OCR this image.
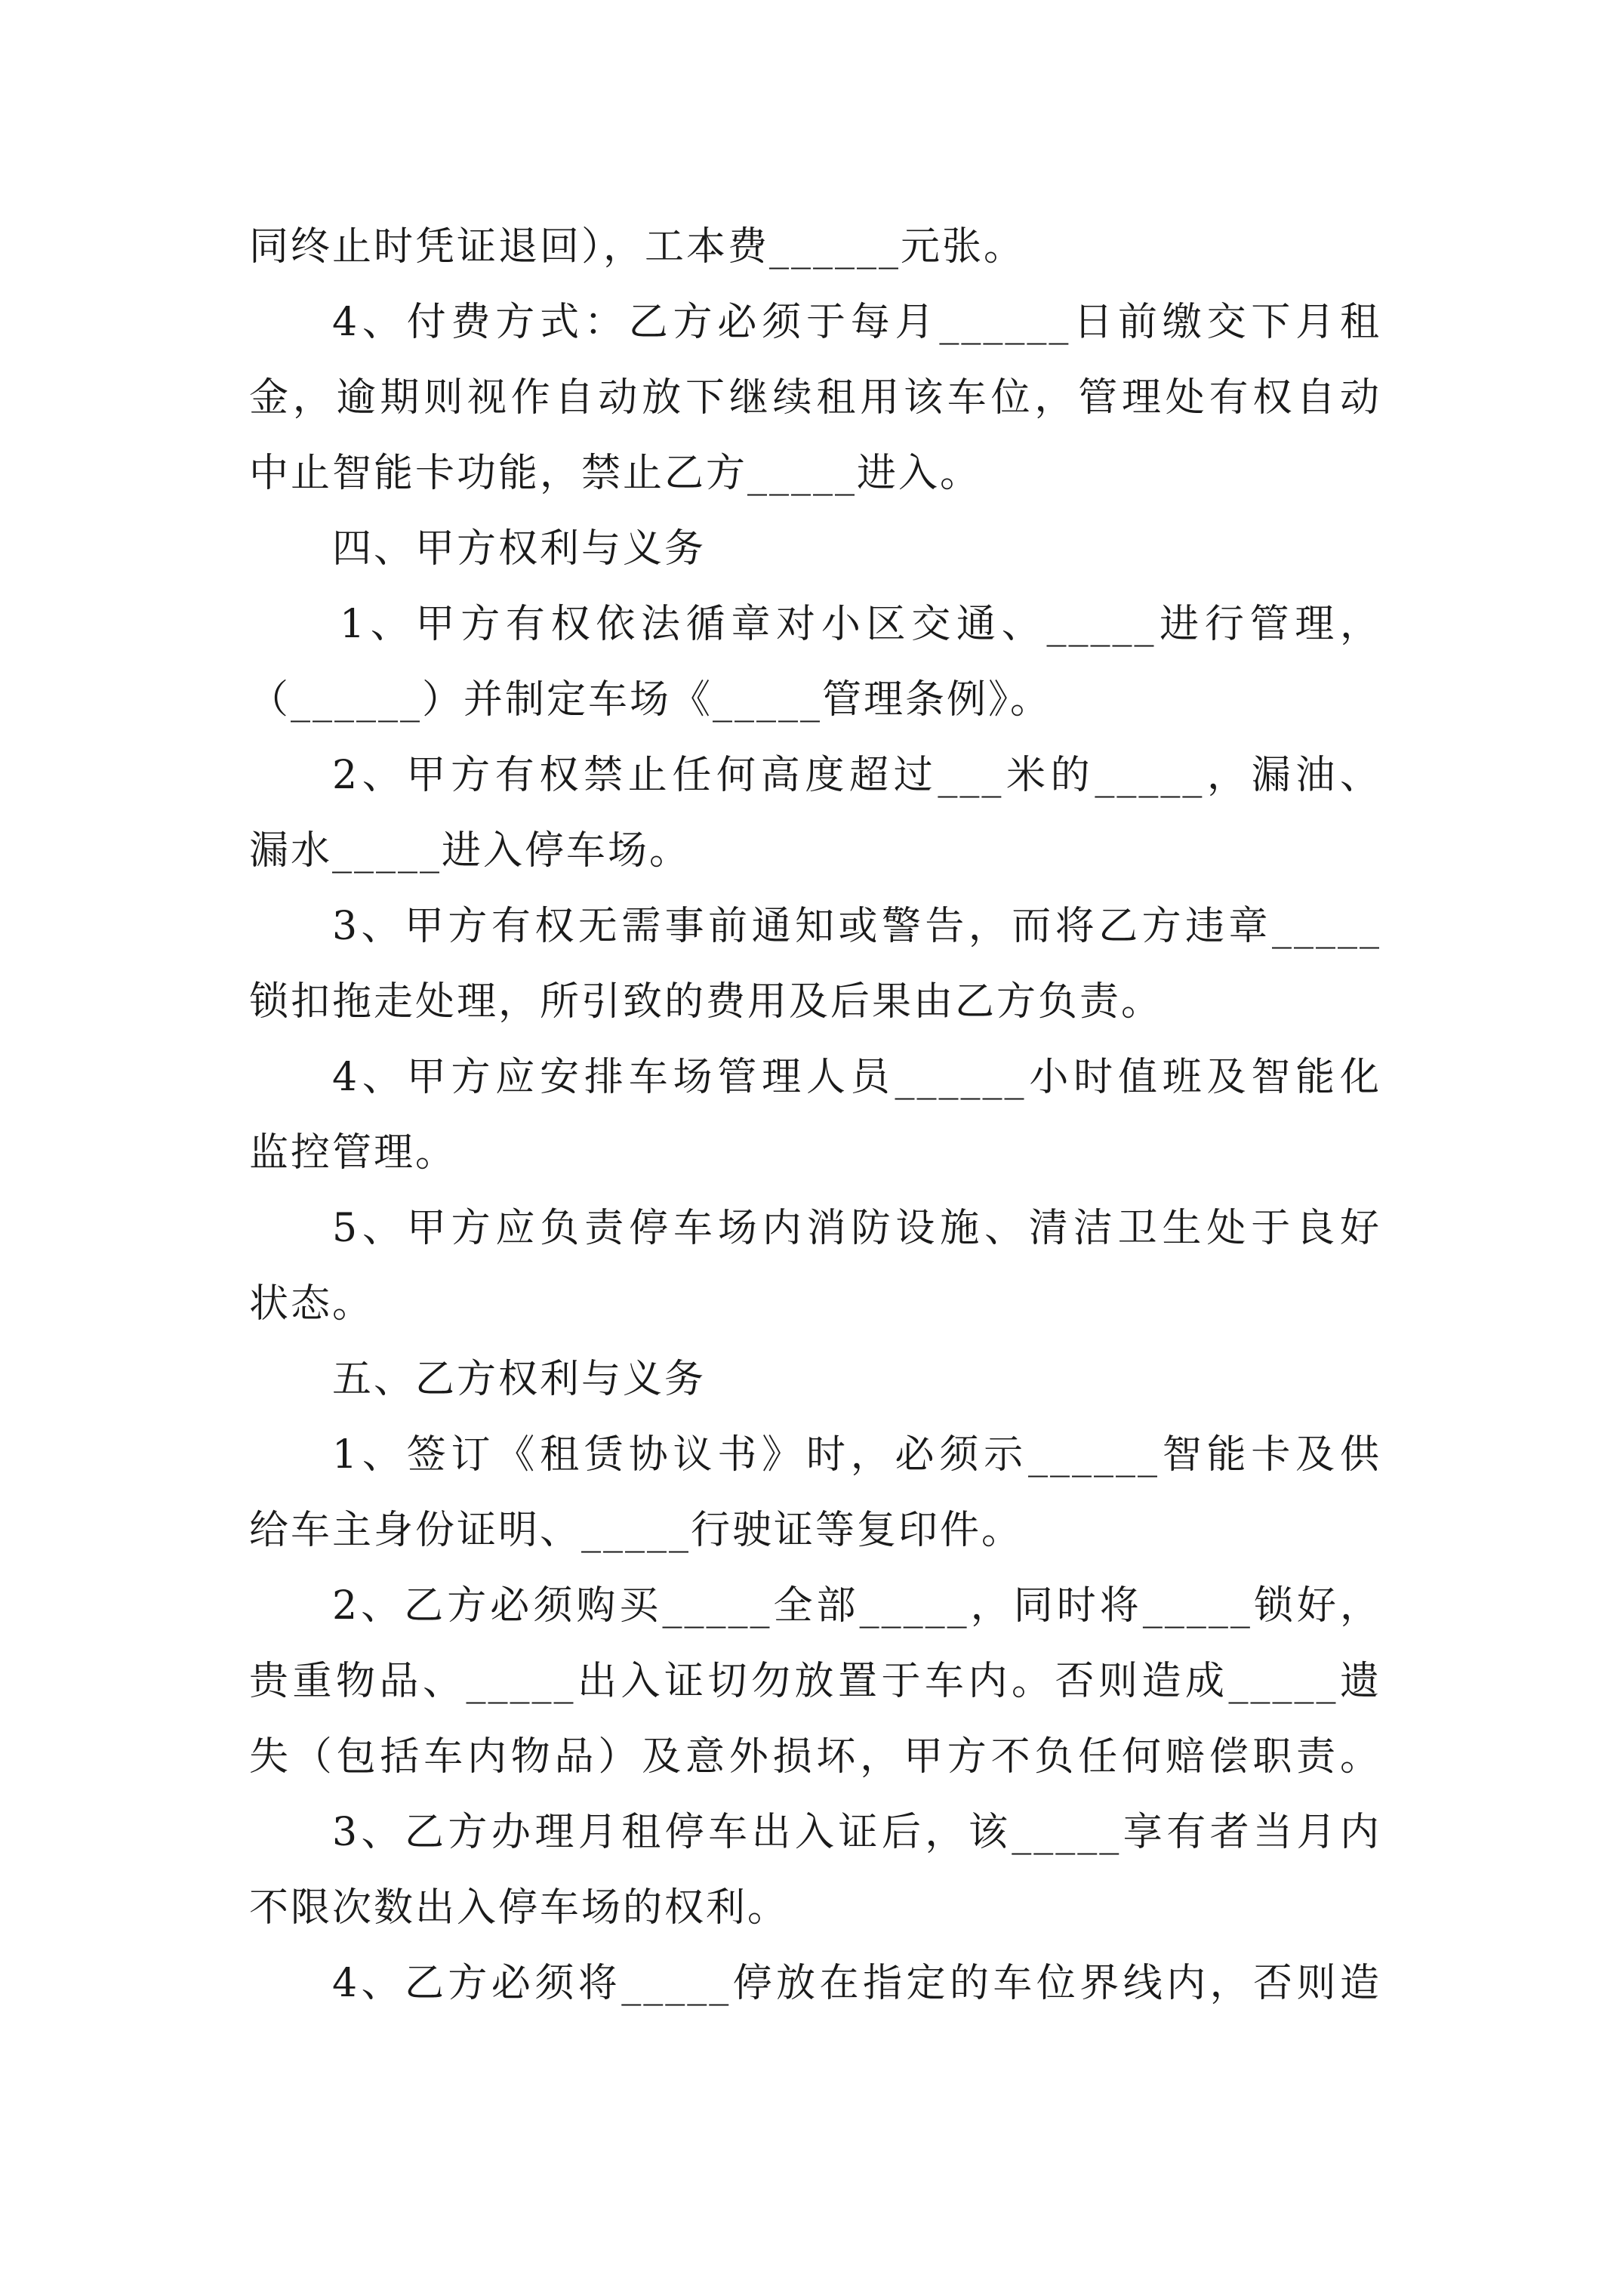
同终止时凭证退回），工本费______元张。
4、付费方式：乙方必须于每月______日前缴交下月租
金，逾期则视作自动放下继续租用该车位，管理处有权自动
中止智能卡功能，禁止乙方_____进入。
四、甲方权利与义务
1、甲方有权依法循章对小区交通、_____进行管理，
（______）并制定车场《_____管理条例》。
2、甲方有权禁止任何高度超过___米的_____，漏油、
漏水_____进入停车场。
3、甲方有权无需事前通知或警告，而将乙方违章_____
锁扣拖走处理，所引致的费用及后果由乙方负责。
4、甲方应安排车场管理人员______小时值班及智能化
监控管理。
5、甲方应负责停车场内消防设施、清洁卫生处于良好
状态。
五、乙方权利与义务
1、签订《租赁协议书》时，必须示______智能卡及供
给车主身份证明、_____行驶证等复印件。
2、乙方必须购买_____全部_____，同时将_____锁好，
贵重物品、_____出入证切勿放置于车内。否则造成_____遗
失（包括车内物品）及意外损坏，甲方不负任何赔偿职责。
3、乙方办理月租停车出入证后，该_____享有者当月内
不限次数出入停车场的权利。
4、乙方必须将_____停放在指定的车位界线内，否则造
